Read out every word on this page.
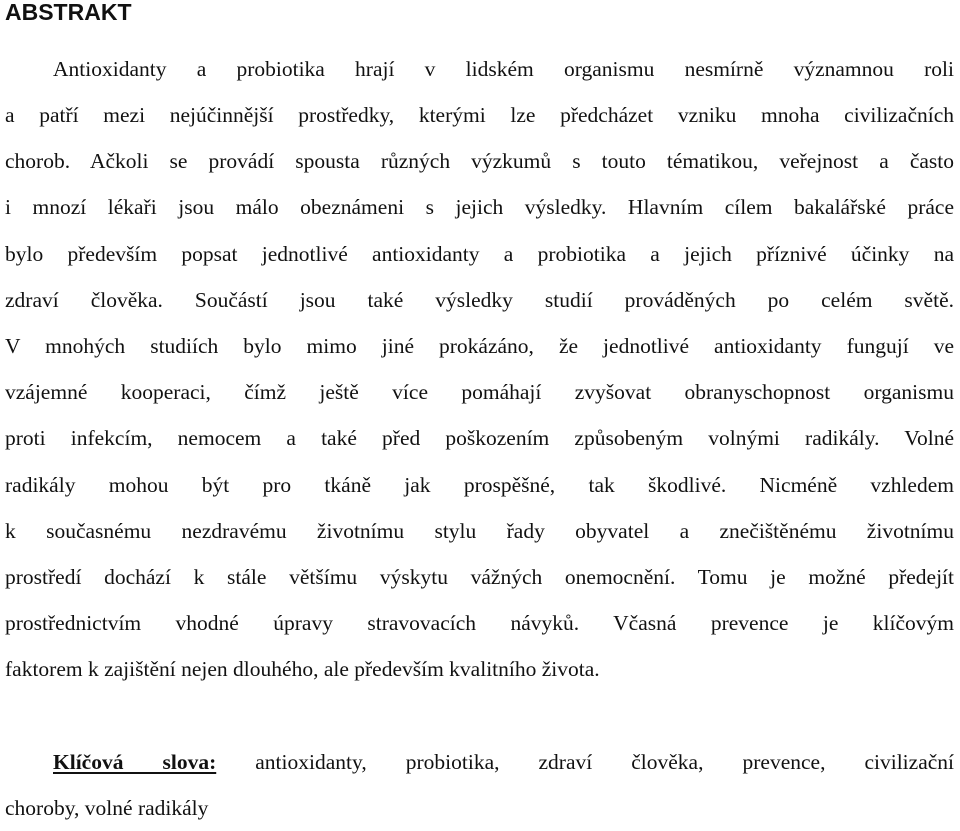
ABSTRAKT
Antioxidanty a probiotika hrají v lidském organismu nesmírně významnou roli
a patří mezi nejúčinnější prostředky, kterými lze předcházet vzniku mnoha civilizačních
chorob. Ačkoli se provádí spousta různých výzkumů s touto tématikou, veřejnost a často
i mnozí lékaři jsou málo obeznámeni s jejich výsledky. Hlavním cílem bakalářské práce
bylo především popsat jednotlivé antioxidanty a probiotika a jejich příznivé účinky na
zdraví člověka. Součástí jsou také výsledky studií prováděných po celém světě.
V mnohých studiích bylo mimo jiné prokázáno, že jednotlivé antioxidanty fungují ve
vzájemné kooperaci, čímž ještě více pomáhají zvyšovat obranyschopnost organismu
proti infekcím, nemocem a také před poškozením způsobeným volnými radikály. Volné
radikály mohou být pro tkáně jak prospěšné, tak škodlivé. Nicméně vzhledem
k současnému nezdravému životnímu stylu řady obyvatel a znečištěnému životnímu
prostředí dochází k stále většímu výskytu vážných onemocnění. Tomu je možné předejít
prostřednictvím vhodné úpravy stravovacích návyků. Včasná prevence je klíčovým
faktorem k zajištění nejen dlouhého, ale především kvalitního života.
Klíčová slova: antioxidanty, probiotika, zdraví člověka, prevence, civilizační
choroby, volné radikály
